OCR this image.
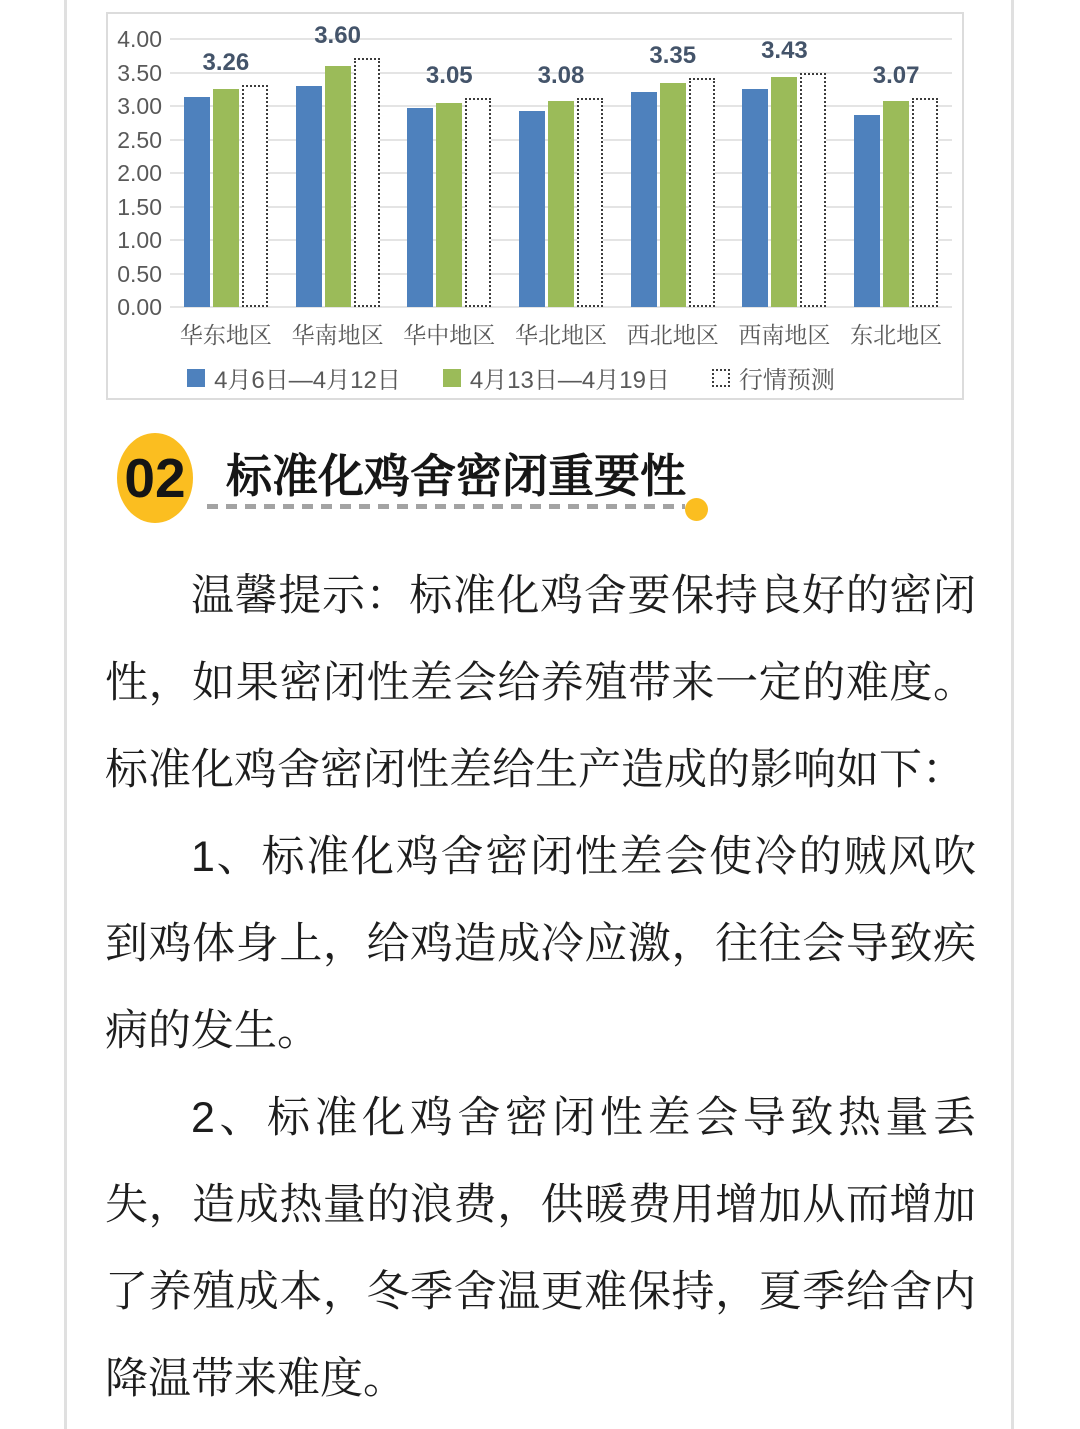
3.26
3.60
3.05	3.08
3.35	3.43
3.07
4月6日—4月12日	4月13日—4月19日	行情预测
4.00
3.50
3.00
2.50
2.00
1.50
1.00
0.50
0.00
华东地区 华南地区 华中地区 华北地区 西北地区 西南地区 东北地区
02 标准化鸡舍密闭重要性

温馨提示：标准化鸡舍要保持良好的密闭性，如果密闭性差会给养殖带来一定的难度。标准化鸡舍密闭性差给生产造成的影响如下：

1、标准化鸡舍密闭性差会使冷的贼风吹到鸡体身上，给鸡造成冷应激，往往会导致疾病的发生。

2、标准化鸡舍密闭性差会导致热量丢失，造成热量的浪费，供暖费用增加从而增加了养殖成本，冬季舍温更难保持，夏季给舍内降温带来难度。
